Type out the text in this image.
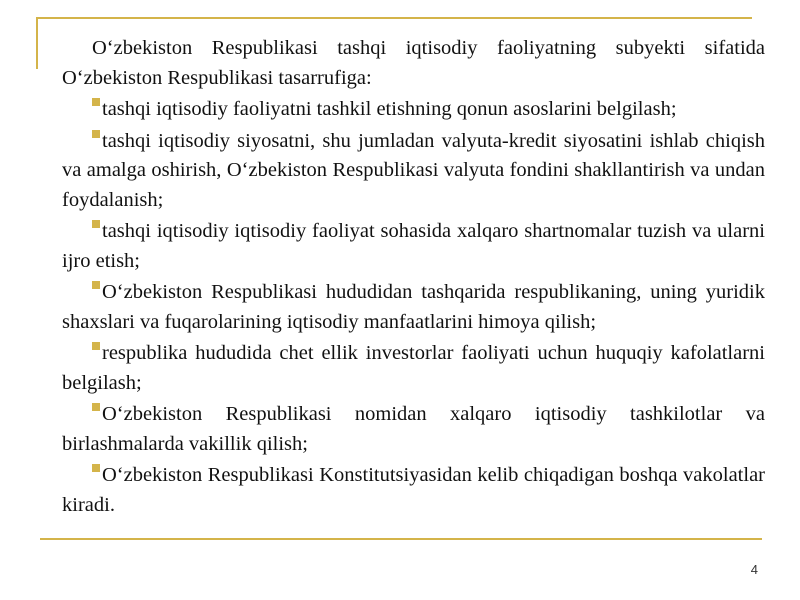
O‘zbekiston Respublikasi tashqi iqtisodiy faoliyatning subyekti sifatida O‘zbekiston Respublikasi tasarrufiga:

tashqi iqtisodiy faoliyatni tashkil etishning qonun asoslarini belgilash;

tashqi iqtisodiy siyosatni, shu jumladan valyuta-kredit siyosatini ishlab chiqish va amalga oshirish, O‘zbekiston Respublikasi valyuta fondini shakllantirish va undan foydalanish;

tashqi iqtisodiy iqtisodiy faoliyat sohasida xalqaro shartnomalar tuzish va ularni ijro etish;

O‘zbekiston Respublikasi hududidan tashqarida respublikaning, uning yuridik shaxslari va fuqarolarining iqtisodiy manfaatlarini himoya qilish;

respublika hududida chet ellik investorlar faoliyati uchun huquqiy kafolatlarni belgilash;

O‘zbekiston Respublikasi nomidan xalqaro iqtisodiy tashkilotlar va birlashmalarda vakillik qilish;

O‘zbekiston Respublikasi Konstitutsiyasidan kelib chiqadigan boshqa vakolatlar kiradi.

4
